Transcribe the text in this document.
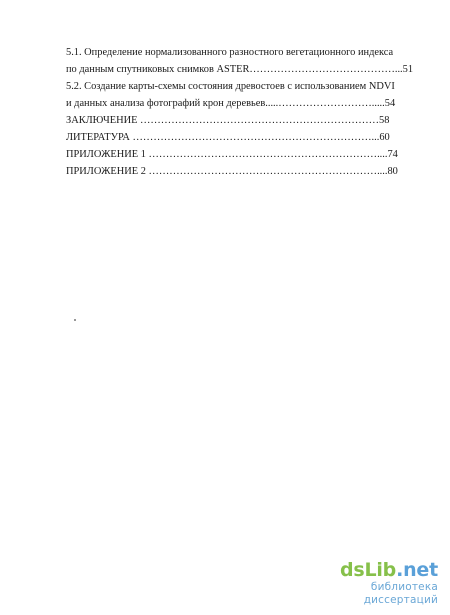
5.1. Определение нормализованного разностного вегетационного индекса
по данным спутниковых снимков ASTER……………………………………...51
5.2. Создание карты-схемы состояния древостоев с использованием NDVI
и данных анализа фотографий крон деревьев.....……………………….....54
ЗАКЛЮЧЕНИЕ ……………………………………………………………58
ЛИТЕРАТУРА ……………………………………………………………...60
ПРИЛОЖЕНИЕ 1 …………………………………………………………....74
ПРИЛОЖЕНИЕ 2 …………………………………………………………....80
dsLib.net
библиотека диссертаций
